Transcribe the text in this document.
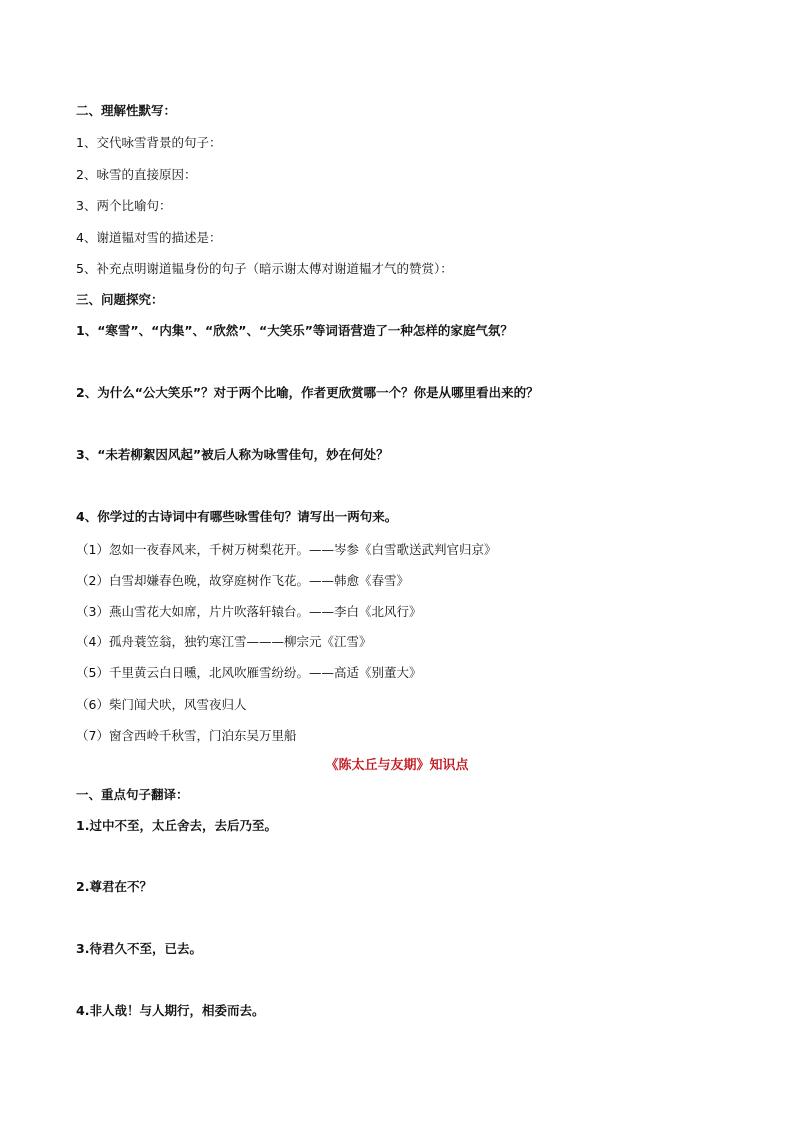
二、理解性默写：
1、交代咏雪背景的句子：
2、咏雪的直接原因：
3、两个比喻句：
4、谢道韫对雪的描述是：
5、补充点明谢道韫身份的句子（暗示谢太傅对谢道韫才气的赞赏）：
三、问题探究：
1、“寒雪”、“内集”、“欣然”、“大笑乐”等词语营造了一种怎样的家庭气氛？
2、为什么“公大笑乐”？对于两个比喻，作者更欣赏哪一个？你是从哪里看出来的？
3、“未若柳絮因风起”被后人称为咏雪佳句，妙在何处？
4、你学过的古诗词中有哪些咏雪佳句？请写出一两句来。
（1）忽如一夜春风来，千树万树梨花开。——岑参《白雪歌送武判官归京》
（2）白雪却嫌春色晚，故穿庭树作飞花。——韩愈《春雪》
（3）燕山雪花大如席，片片吹落轩辕台。——李白《北风行》
（4）孤舟蓑笠翁，独钓寒江雪———柳宗元《江雪》
（5）千里黄云白日曛，北风吹雁雪纷纷。——高适《别董大》
（6）柴门闻犬吠，风雪夜归人
（7）窗含西岭千秋雪，门泊东吴万里船
《陈太丘与友期》知识点
一、重点句子翻译：
1.过中不至，太丘舍去，去后乃至。
2.尊君在不？
3.待君久不至，已去。
4.非人哉！与人期行，相委而去。
